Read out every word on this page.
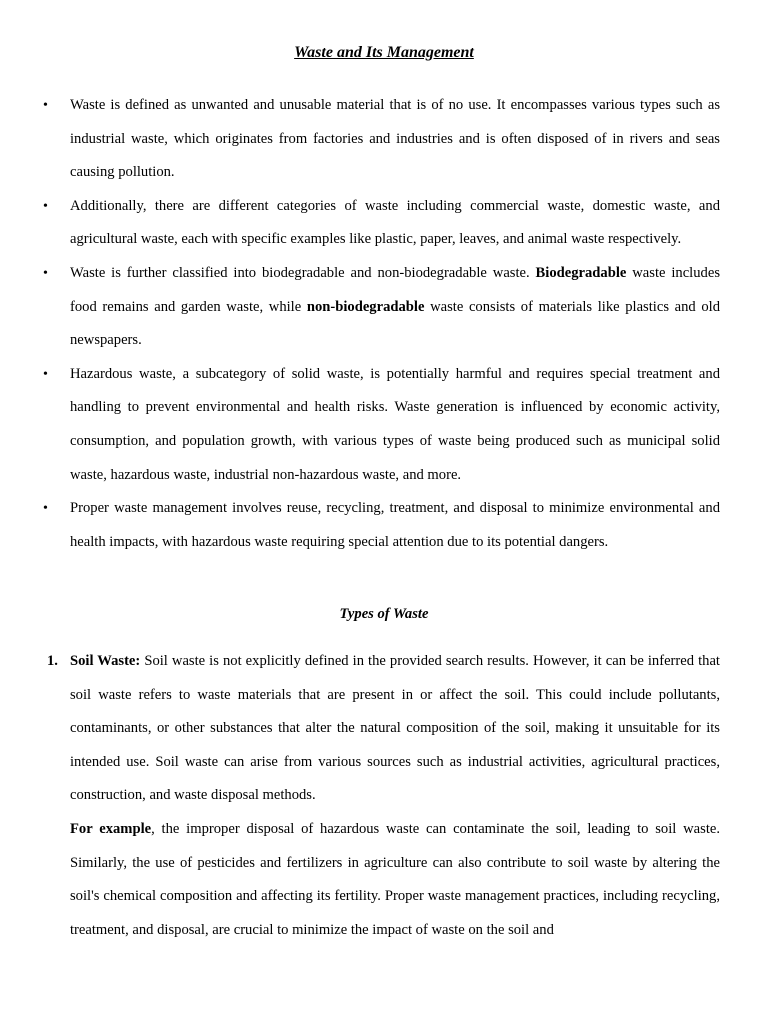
Waste and Its Management
• Waste is defined as unwanted and unusable material that is of no use. It encompasses various types such as industrial waste, which originates from factories and industries and is often disposed of in rivers and seas causing pollution.
• Additionally, there are different categories of waste including commercial waste, domestic waste, and agricultural waste, each with specific examples like plastic, paper, leaves, and animal waste respectively.
• Waste is further classified into biodegradable and non-biodegradable waste. Biodegradable waste includes food remains and garden waste, while non-biodegradable waste consists of materials like plastics and old newspapers.
• Hazardous waste, a subcategory of solid waste, is potentially harmful and requires special treatment and handling to prevent environmental and health risks. Waste generation is influenced by economic activity, consumption, and population growth, with various types of waste being produced such as municipal solid waste, hazardous waste, industrial non-hazardous waste, and more.
• Proper waste management involves reuse, recycling, treatment, and disposal to minimize environmental and health impacts, with hazardous waste requiring special attention due to its potential dangers.
Types of Waste
1. Soil Waste: Soil waste is not explicitly defined in the provided search results. However, it can be inferred that soil waste refers to waste materials that are present in or affect the soil. This could include pollutants, contaminants, or other substances that alter the natural composition of the soil, making it unsuitable for its intended use. Soil waste can arise from various sources such as industrial activities, agricultural practices, construction, and waste disposal methods.

For example, the improper disposal of hazardous waste can contaminate the soil, leading to soil waste. Similarly, the use of pesticides and fertilizers in agriculture can also contribute to soil waste by altering the soil's chemical composition and affecting its fertility. Proper waste management practices, including recycling, treatment, and disposal, are crucial to minimize the impact of waste on the soil and
